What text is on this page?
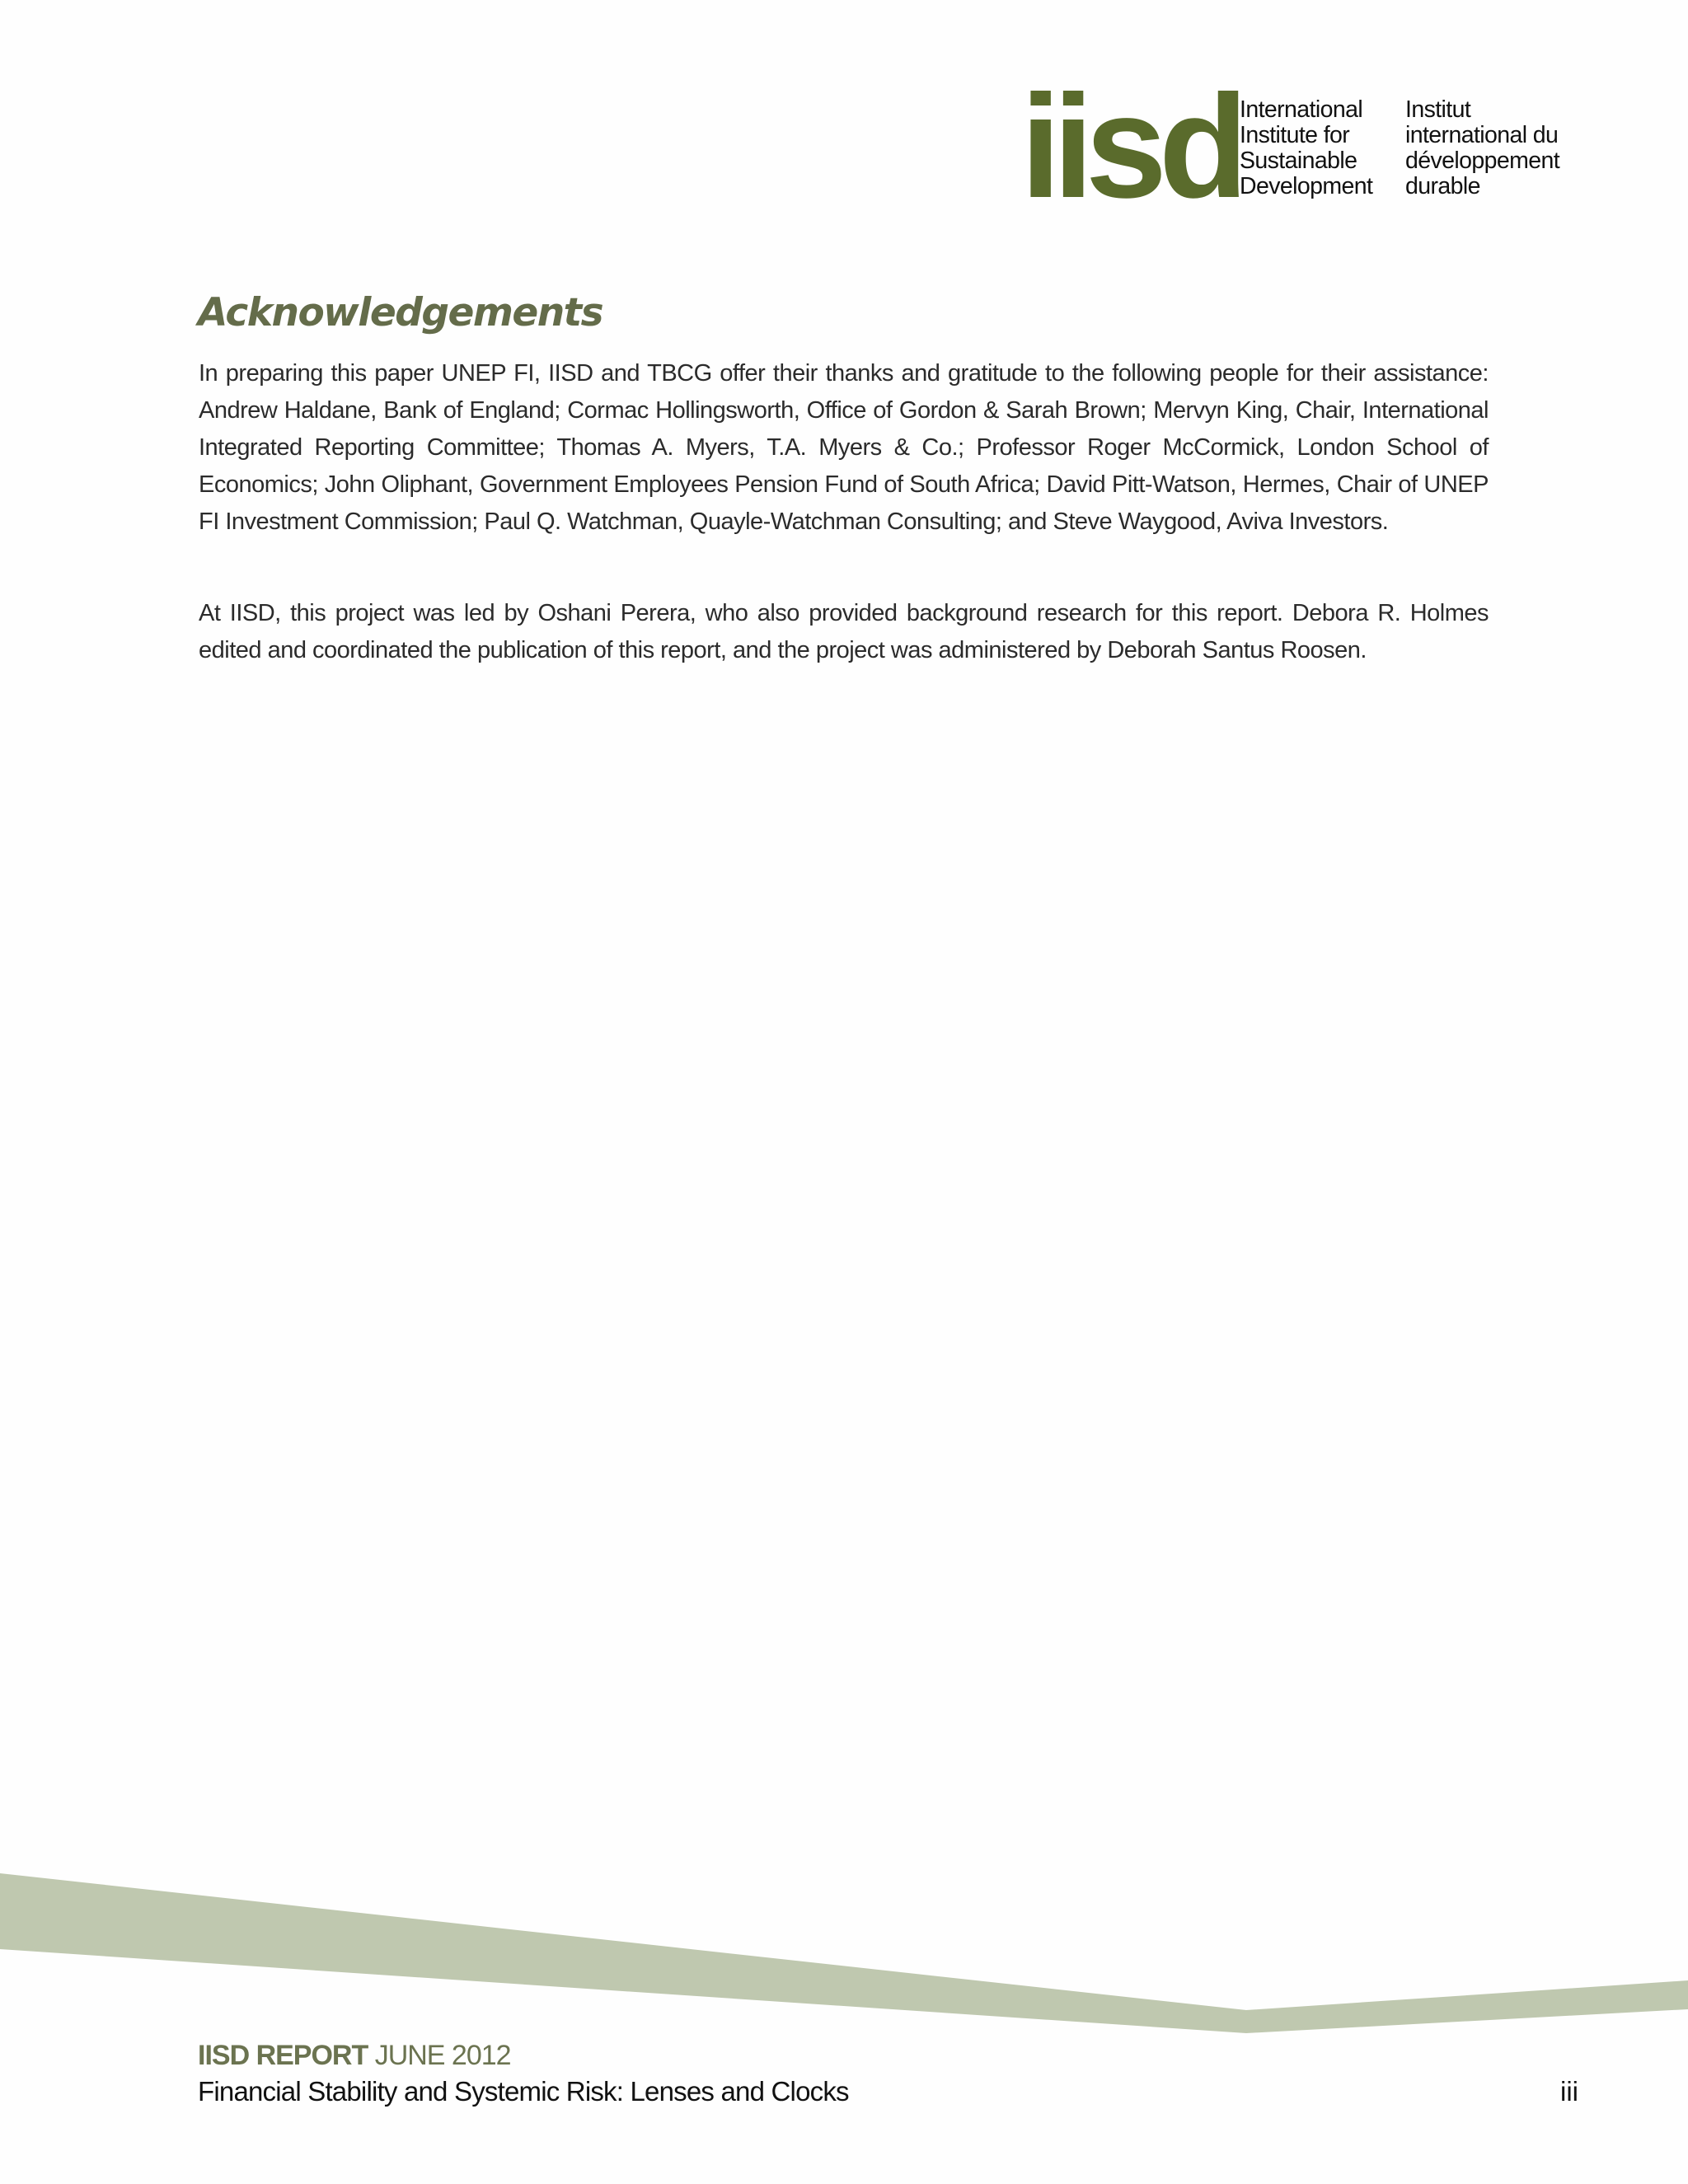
iisd International
Institute for
Sustainable
Development
Institut
international du
développement
durable
Acknowledgements

In preparing this paper UNEP FI, IISD and TBCG offer their thanks and gratitude to the following people for their assistance: Andrew Haldane, Bank of England; Cormac Hollingsworth, Office of Gordon & Sarah Brown; Mervyn King, Chair, International Integrated Reporting Committee; Thomas A. Myers, T.A. Myers & Co.; Professor Roger McCormick, London School of Economics; John Oliphant, Government Employees Pension Fund of South Africa; David Pitt-Watson, Hermes, Chair of UNEP FI Investment Commission; Paul Q. Watchman, Quayle-Watchman Consulting; and Steve Waygood, Aviva Investors.

At IISD, this project was led by Oshani Perera, who also provided background research for this report. Debora R. Holmes edited and coordinated the publication of this report, and the project was administered by Deborah Santus Roosen.

IISD REPORT JUNE 2012
Financial Stability and Systemic Risk: Lenses and Clocks	iii
